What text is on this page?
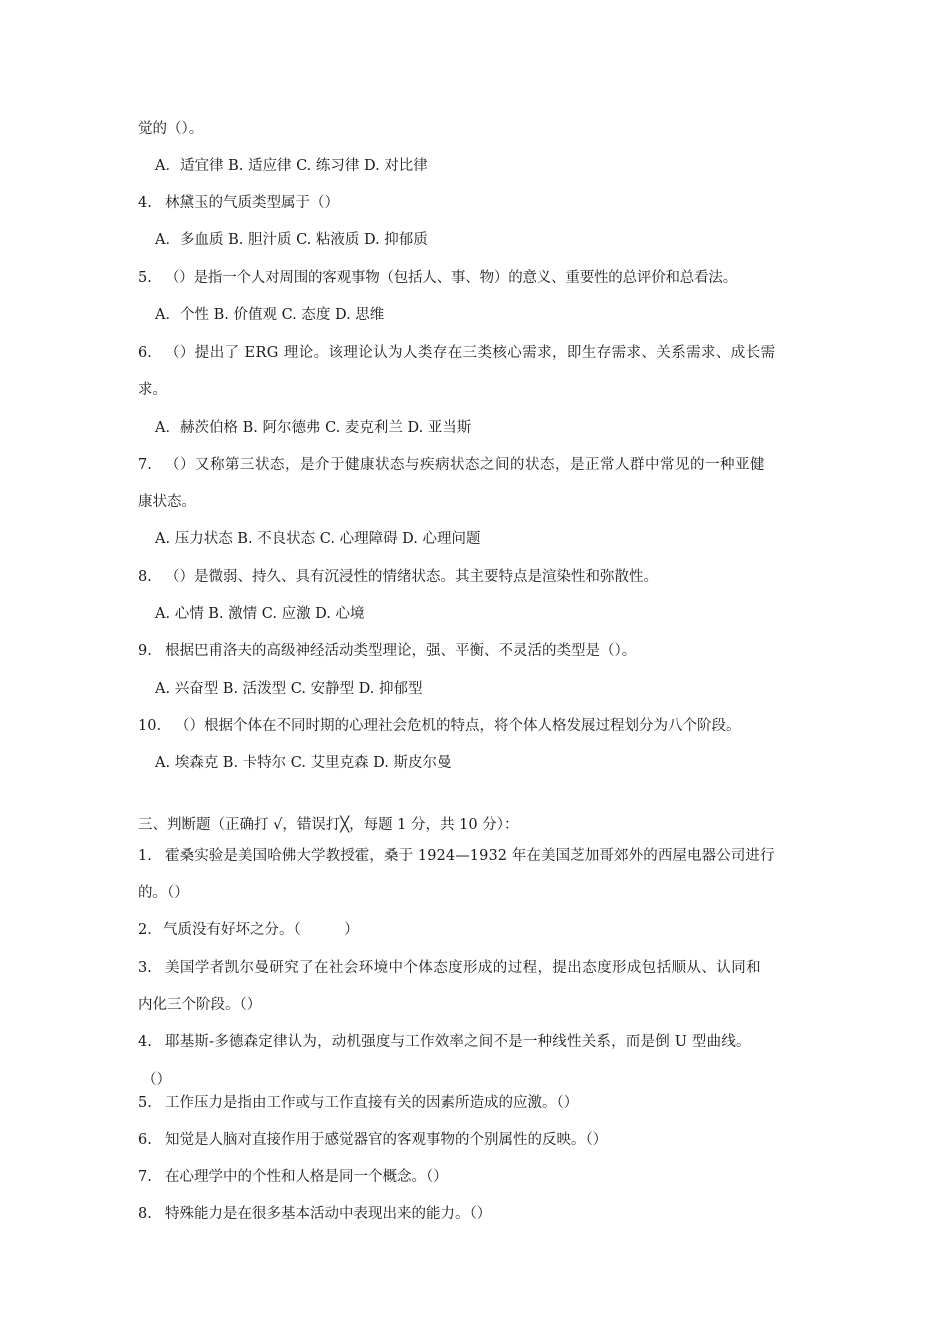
觉的（）。
A．适宜律 B. 适应律 C. 练习律 D. 对比律
4. 林黛玉的气质类型属于（）
A．多血质 B. 胆汁质 C. 粘液质 D. 抑郁质
5. （）是指一个人对周围的客观事物（包括人、事、物）的意义、重要性的总评价和总看法。
A．个性 B. 价值观 C. 态度 D. 思维
6. （）提出了 ERG 理论。该理论认为人类存在三类核心需求，即生存需求、关系需求、成长需
求。
A．赫茨伯格 B. 阿尔德弗 C. 麦克利兰 D. 亚当斯
7. （）又称第三状态，是介于健康状态与疾病状态之间的状态，是正常人群中常见的一种亚健
康状态。
A. 压力状态 B. 不良状态 C. 心理障碍 D. 心理问题
8. （）是微弱、持久、具有沉浸性的情绪状态。其主要特点是渲染性和弥散性。
A. 心情 B. 激情 C. 应激 D. 心境
9. 根据巴甫洛夫的高级神经活动类型理论，强、平衡、不灵活的类型是（）。
A. 兴奋型 B. 活泼型 C. 安静型 D. 抑郁型
10. （）根据个体在不同时期的心理社会危机的特点，将个体人格发展过程划分为八个阶段。
A. 埃森克 B. 卡特尔 C. 艾里克森 D. 斯皮尔曼
三、判断题（正确打 √，错误打╳，每题 1 分，共 10 分）：
1. 霍桑实验是美国哈佛大学教授霍，桑于 1924—1932 年在美国芝加哥郊外的西屋电器公司进行
的。（）
2． 气质没有好坏之分。（　　　）
3. 美国学者凯尔曼研究了在社会环境中个体态度形成的过程，提出态度形成包括顺从、认同和
内化三个阶段。（）
4. 耶基斯-多德森定律认为，动机强度与工作效率之间不是一种线性关系，而是倒 U 型曲线。
（）
5. 工作压力是指由工作或与工作直接有关的因素所造成的应激。（）
6. 知觉是人脑对直接作用于感觉器官的客观事物的个别属性的反映。（）
7. 在心理学中的个性和人格是同一个概念。（）
8. 特殊能力是在很多基本活动中表现出来的能力。（）
